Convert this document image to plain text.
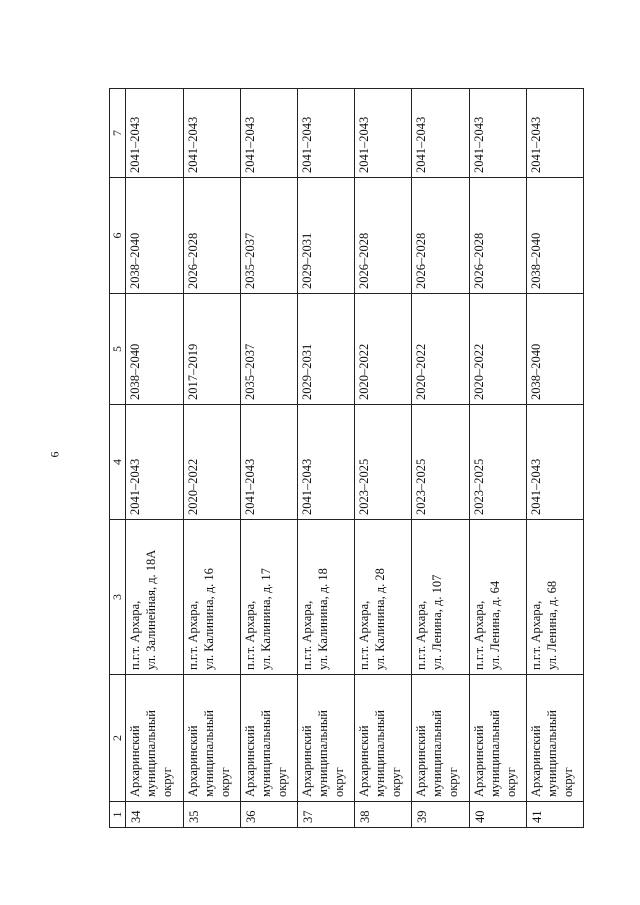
6
1	2	3	4	5	6	7

34	Архаринский муниципальный округ	п.г.т. Архара, ул. Залинейная, д. 18А	2041–2043	2038–2040	2038–2040	2041–2043

35	Архаринский муниципальный округ	п.г.т. Архара, ул. Калинина, д. 16	2020–2022	2017–2019	2026–2028	2041–2043

36	Архаринский муниципальный округ	п.г.т. Архара, ул. Калинина, д. 17	2041–2043	2035–2037	2035–2037	2041–2043

37	Архаринский муниципальный округ	п.г.т. Архара, ул. Калинина, д. 18	2041–2043	2029–2031	2029–2031	2041–2043

38	Архаринский муниципальный округ	п.г.т. Архара, ул. Калинина, д. 28	2023–2025	2020–2022	2026–2028	2041–2043

39	Архаринский муниципальный округ	п.г.т. Архара, ул. Ленина, д. 107	2023–2025	2020–2022	2026–2028	2041–2043

40	Архаринский муниципальный округ	п.г.т. Архара, ул. Ленина, д. 64	2023–2025	2020–2022	2026–2028	2041–2043

41	Архаринский муниципальный округ	п.г.т. Архара, ул. Ленина, д. 68	2041–2043	2038–2040	2038–2040	2041–2043
